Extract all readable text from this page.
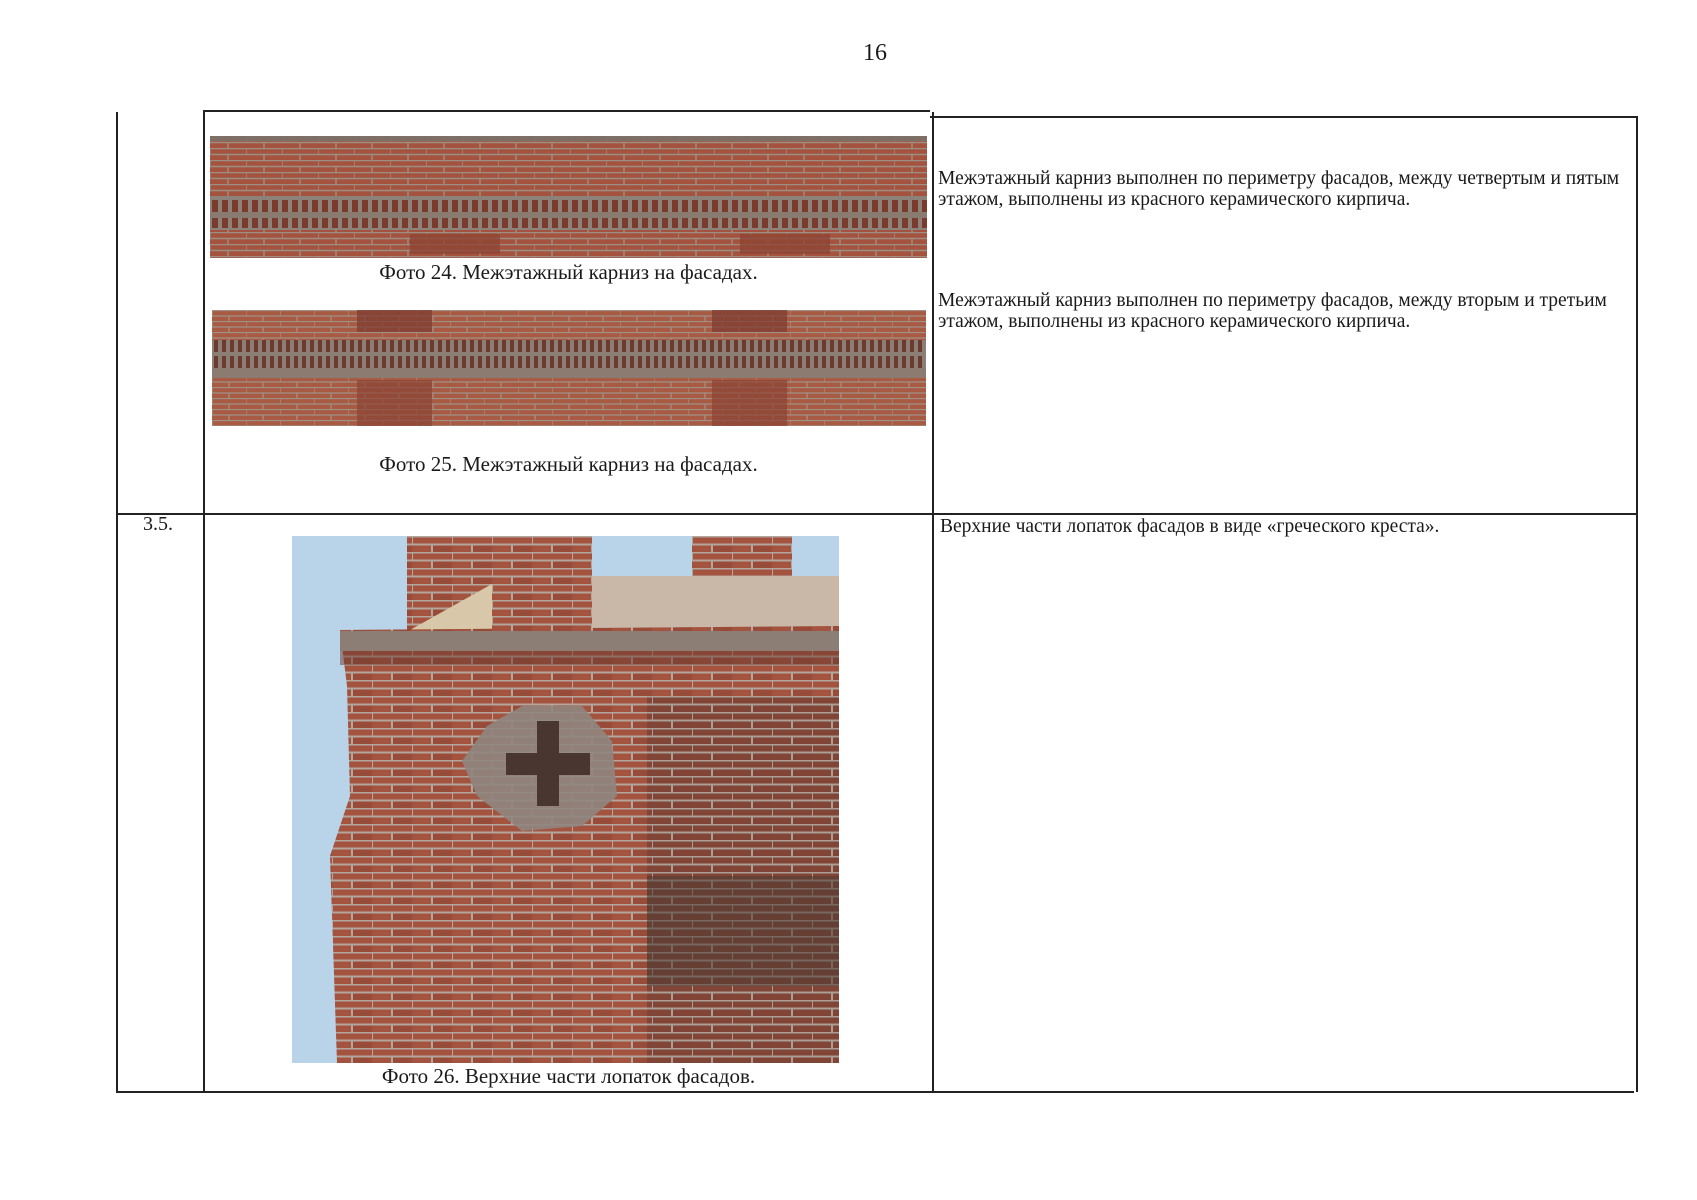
16
Фото 24. Межэтажный карниз на фасадах.
Фото 25. Межэтажный карниз на фасадах.
Межэтажный карниз выполнен по периметру фасадов, между четвертым и пятым этажом, выполнены из красного керамического кирпича.
Межэтажный карниз выполнен по периметру фасадов, между вторым и третьим этажом, выполнены из красного керамического кирпича.
3.5.
Фото 26. Верхние части лопаток фасадов.
Верхние части лопаток фасадов в виде «греческого креста».
